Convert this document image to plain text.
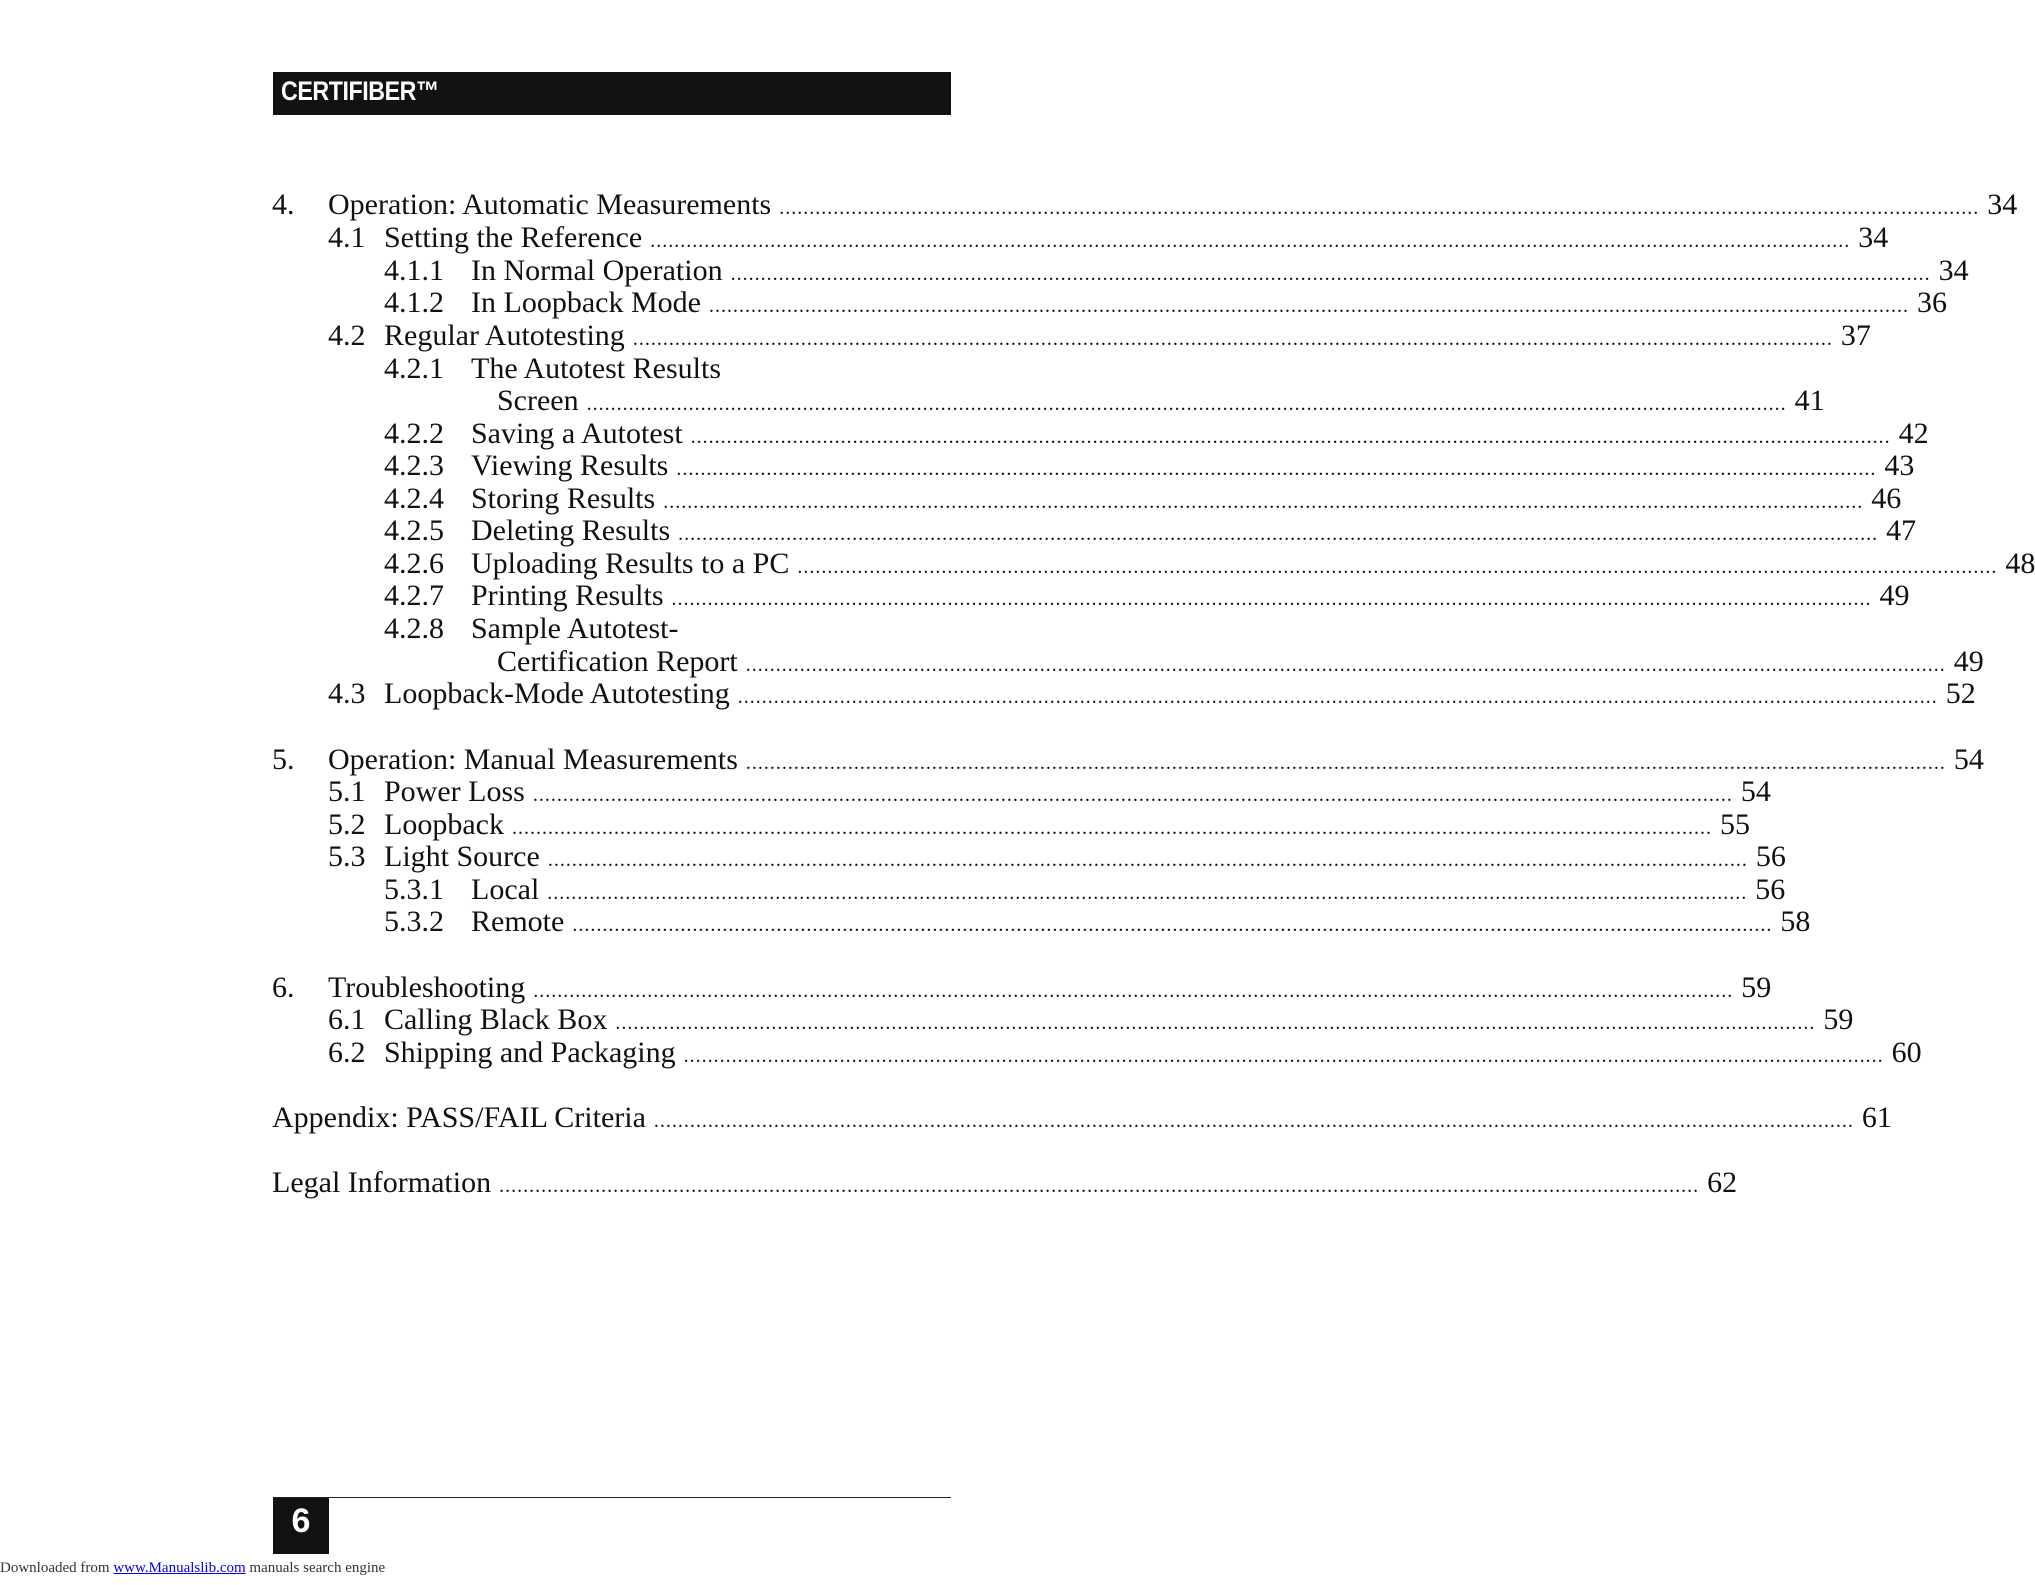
CERTIFIBER™
4. Operation: Automatic Measurements ........................................................................................................................................................................................................ 34
4.1 Setting the Reference ........................................................................................................................................................................................................ 34
4.1.1 In Normal Operation ........................................................................................................................................................................................................ 34
4.1.2 In Loopback Mode ........................................................................................................................................................................................................ 36
4.2 Regular Autotesting ........................................................................................................................................................................................................ 37
4.2.1 The Autotest Results
Screen ........................................................................................................................................................................................................ 41
4.2.2 Saving a Autotest ........................................................................................................................................................................................................ 42
4.2.3 Viewing Results ........................................................................................................................................................................................................ 43
4.2.4 Storing Results ........................................................................................................................................................................................................ 46
4.2.5 Deleting Results ........................................................................................................................................................................................................ 47
4.2.6 Uploading Results to a PC ........................................................................................................................................................................................................ 48
4.2.7 Printing Results ........................................................................................................................................................................................................ 49
4.2.8 Sample Autotest-
Certification Report ........................................................................................................................................................................................................ 49
4.3 Loopback-Mode Autotesting ........................................................................................................................................................................................................ 52
5. Operation: Manual Measurements ........................................................................................................................................................................................................ 54
5.1 Power Loss ........................................................................................................................................................................................................ 54
5.2 Loopback ........................................................................................................................................................................................................ 55
5.3 Light Source ........................................................................................................................................................................................................ 56
5.3.1 Local ........................................................................................................................................................................................................ 56
5.3.2 Remote ........................................................................................................................................................................................................ 58
6. Troubleshooting ........................................................................................................................................................................................................ 59
6.1 Calling Black Box ........................................................................................................................................................................................................ 59
6.2 Shipping and Packaging ........................................................................................................................................................................................................ 60
Appendix: PASS/FAIL Criteria ........................................................................................................................................................................................................ 61
Legal Information ........................................................................................................................................................................................................ 62
6
Downloaded from www.Manualslib.com manuals search engine
